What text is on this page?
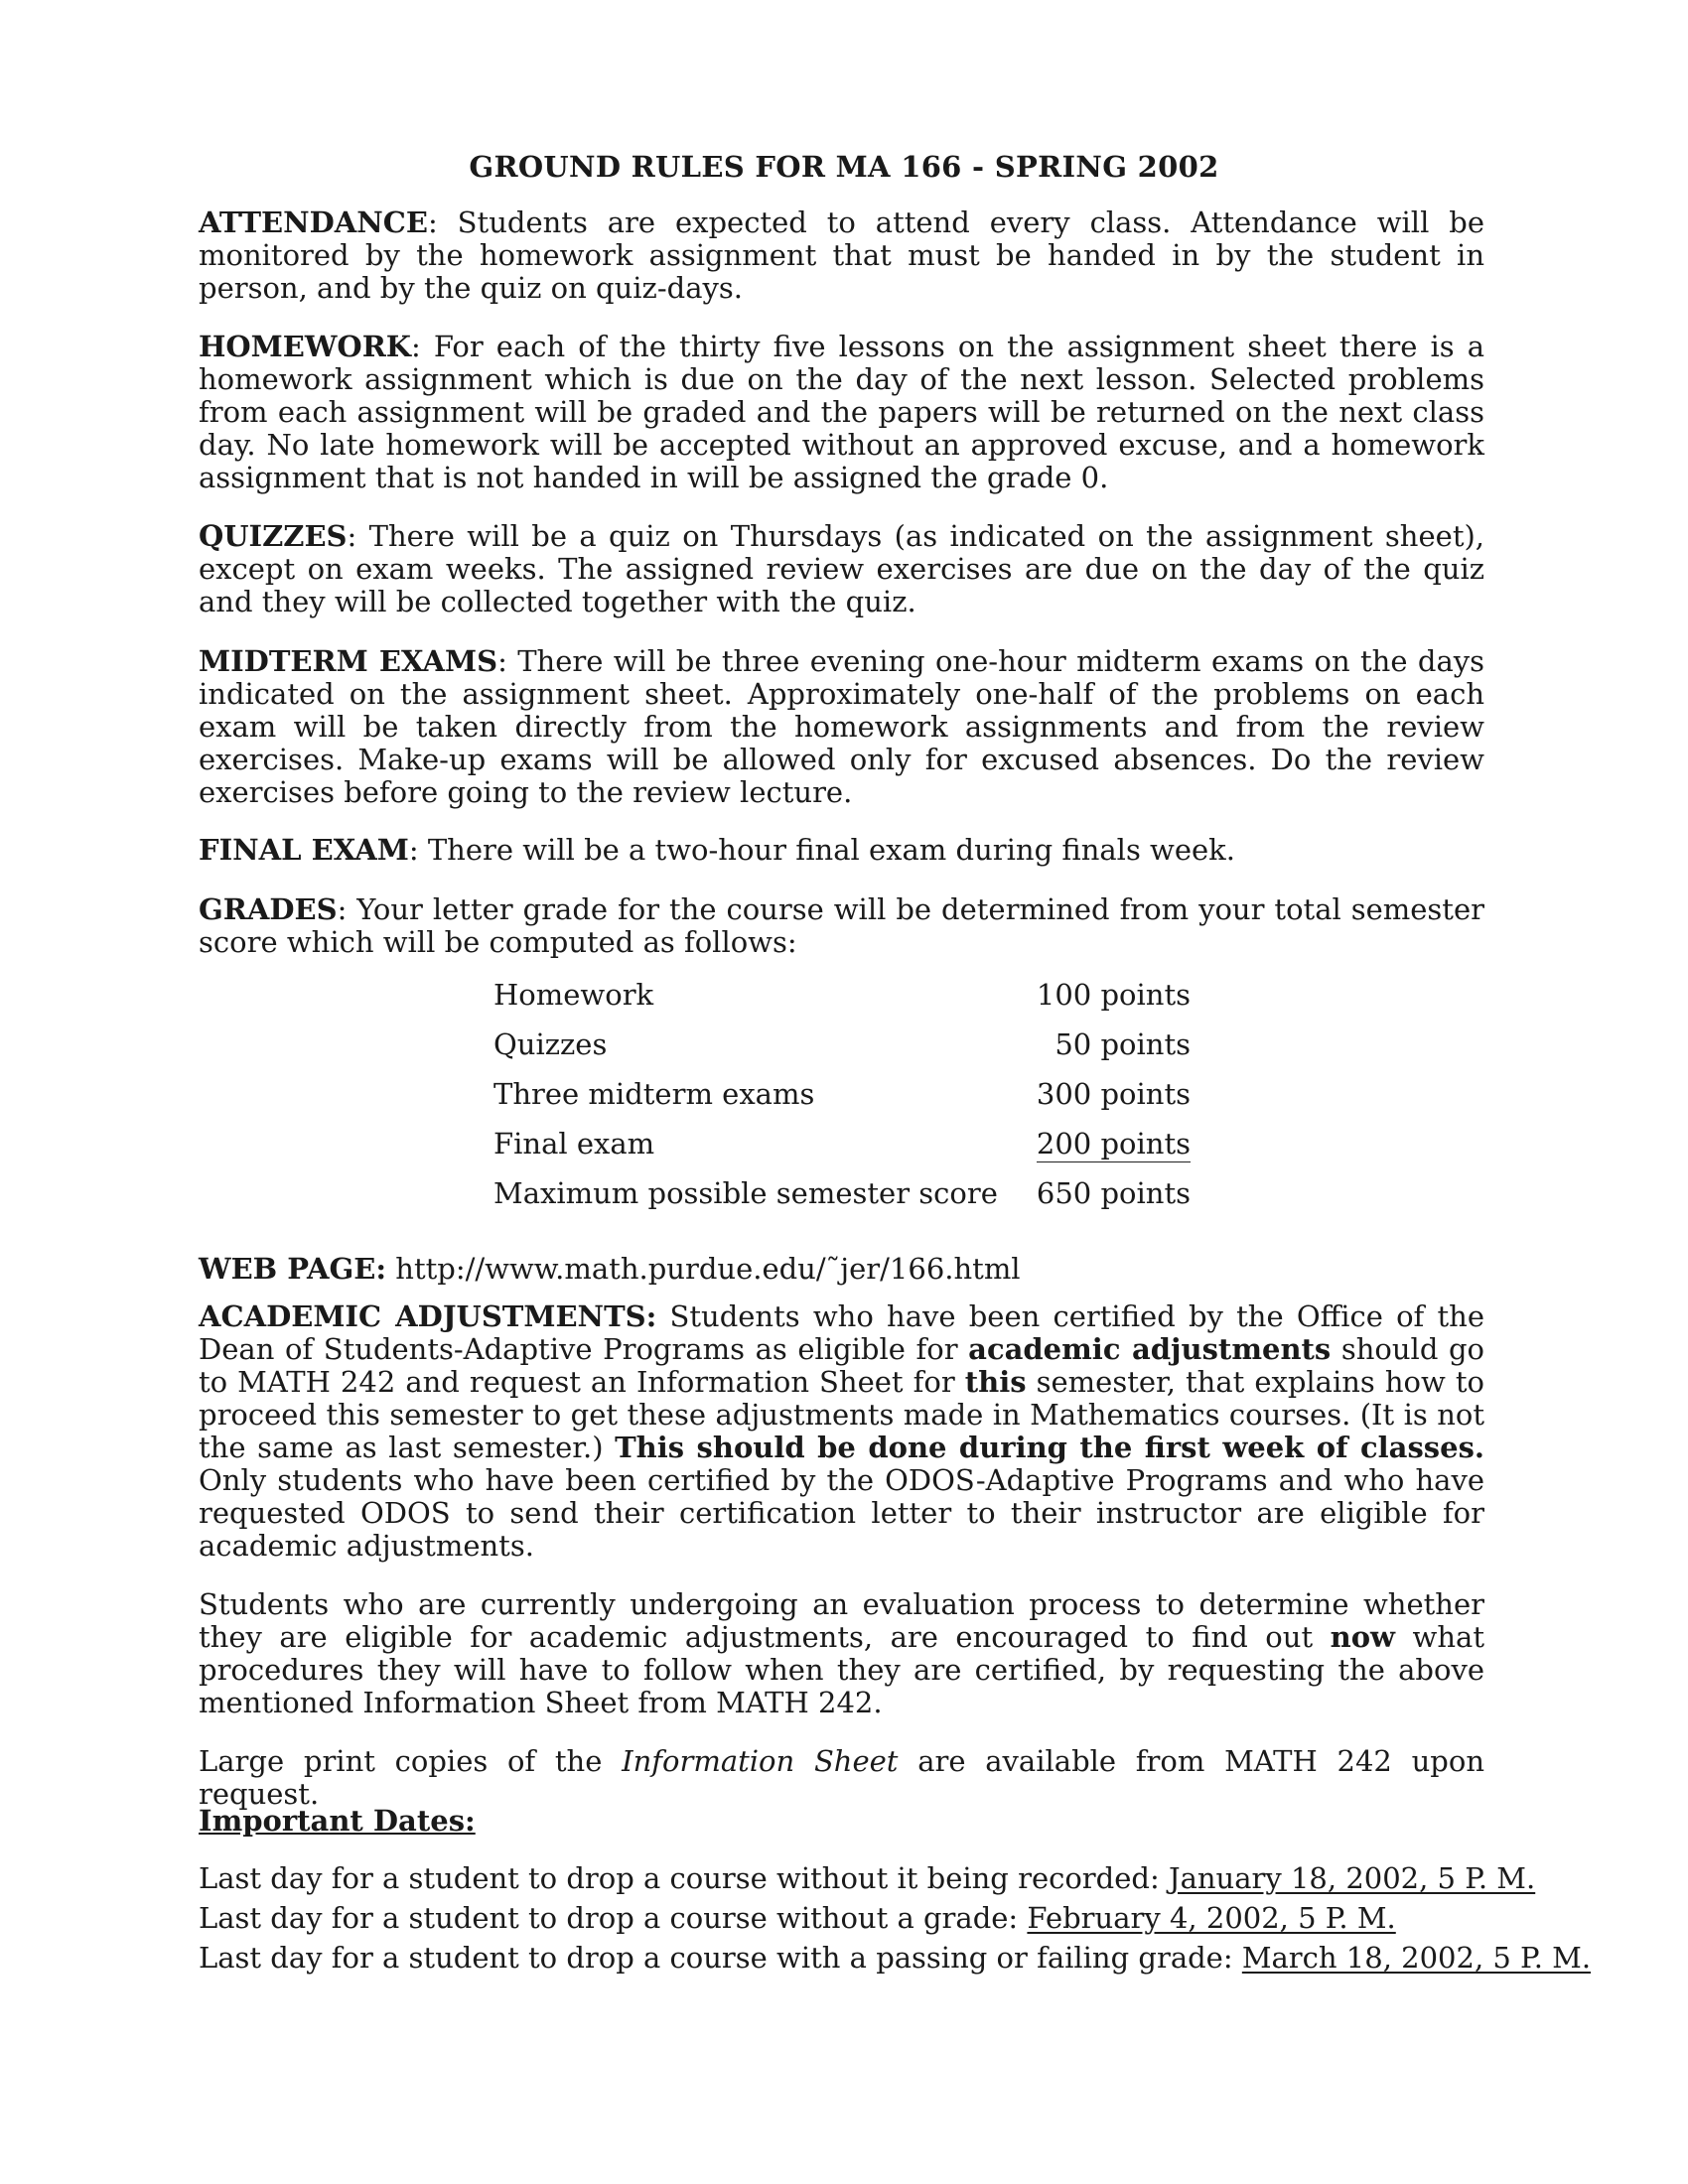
GROUND RULES FOR MA 166 - SPRING 2002
ATTENDANCE: Students are expected to attend every class. Attendance will be monitored by the homework assignment that must be handed in by the student in person, and by the quiz on quiz-days.
HOMEWORK: For each of the thirty five lessons on the assignment sheet there is a homework assignment which is due on the day of the next lesson. Selected problems from each assignment will be graded and the papers will be returned on the next class day. No late homework will be accepted without an approved excuse, and a homework assignment that is not handed in will be assigned the grade 0.
QUIZZES: There will be a quiz on Thursdays (as indicated on the assignment sheet), except on exam weeks. The assigned review exercises are due on the day of the quiz and they will be collected together with the quiz.
MIDTERM EXAMS: There will be three evening one-hour midterm exams on the days indicated on the assignment sheet. Approximately one-half of the problems on each exam will be taken directly from the homework assignments and from the review exercises. Make-up exams will be allowed only for excused absences. Do the review exercises before going to the review lecture.
FINAL EXAM: There will be a two-hour final exam during finals week.
GRADES: Your letter grade for the course will be determined from your total semester score which will be computed as follows:
Homework	100 points
Quizzes	50 points
Three midterm exams	300 points
Final exam	200 points
Maximum possible semester score 650 points
WEB PAGE: http://www.math.purdue.edu/˜jer/166.html
ACADEMIC ADJUSTMENTS: Students who have been certified by the Office of the Dean of Students-Adaptive Programs as eligible for academic adjustments should go to MATH 242 and request an Information Sheet for this semester, that explains how to proceed this semester to get these adjustments made in Mathematics courses. (It is not the same as last semester.) This should be done during the first week of classes. Only students who have been certified by the ODOS-Adaptive Programs and who have requested ODOS to send their certification letter to their instructor are eligible for academic adjustments.
Students who are currently undergoing an evaluation process to determine whether they are eligible for academic adjustments, are encouraged to find out now what procedures they will have to follow when they are certified, by requesting the above mentioned Information Sheet from MATH 242.
Large print copies of the Information Sheet are available from MATH 242 upon request.
Important Dates:
Last day for a student to drop a course without it being recorded: January 18, 2002, 5 P. M.
Last day for a student to drop a course without a grade: February 4, 2002, 5 P. M.
Last day for a student to drop a course with a passing or failing grade: March 18, 2002, 5 P. M.
